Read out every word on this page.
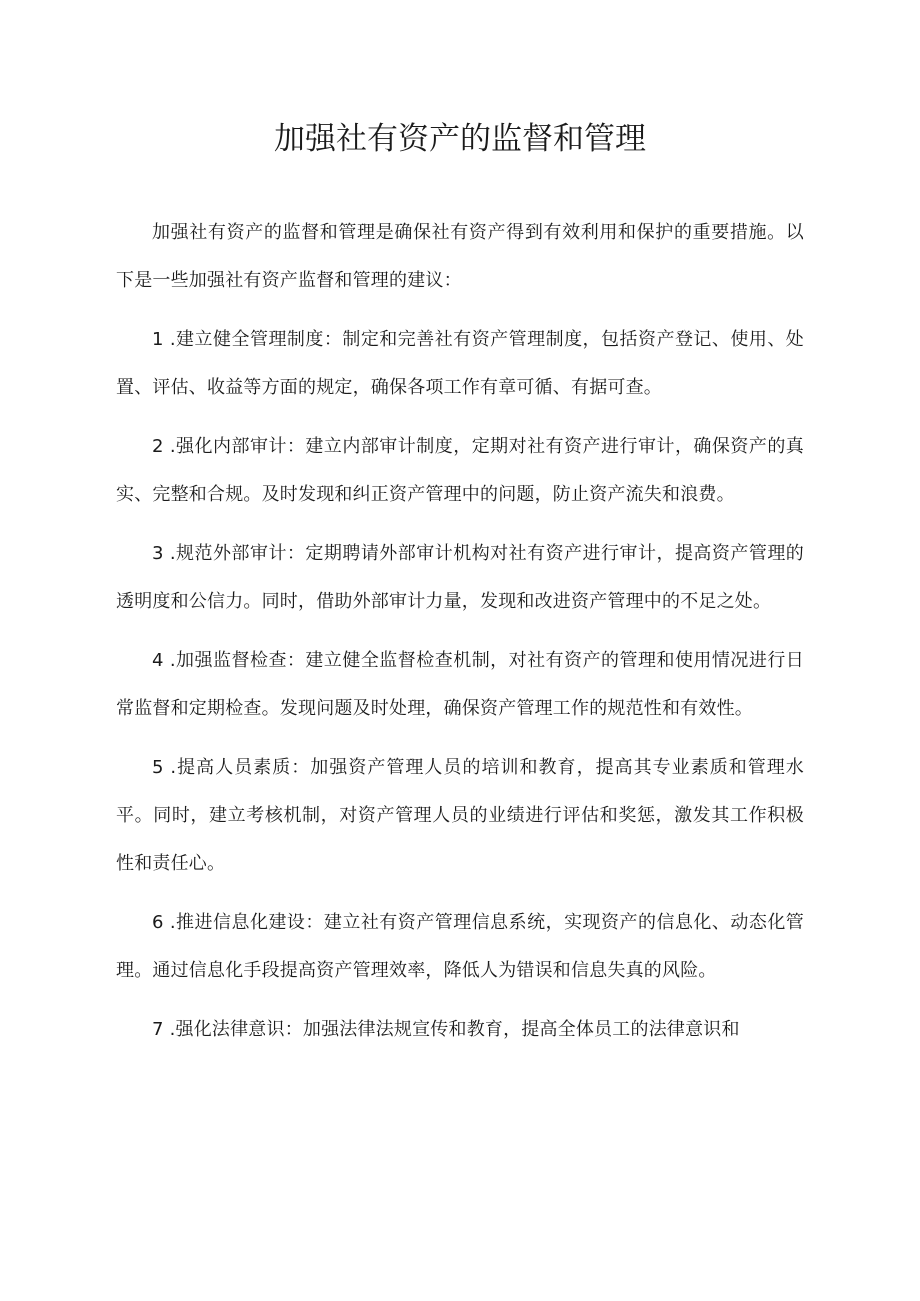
加强社有资产的监督和管理

加强社有资产的监督和管理是确保社有资产得到有效利用和保护的重要措施。以下是一些加强社有资产监督和管理的建议：

1 .建立健全管理制度：制定和完善社有资产管理制度，包括资产登记、使用、处置、评估、收益等方面的规定，确保各项工作有章可循、有据可查。

2 .强化内部审计：建立内部审计制度，定期对社有资产进行审计，确保资产的真实、完整和合规。及时发现和纠正资产管理中的问题，防止资产流失和浪费。

3 .规范外部审计：定期聘请外部审计机构对社有资产进行审计，提高资产管理的透明度和公信力。同时，借助外部审计力量，发现和改进资产管理中的不足之处。

4 .加强监督检查：建立健全监督检查机制，对社有资产的管理和使用情况进行日常监督和定期检查。发现问题及时处理，确保资产管理工作的规范性和有效性。

5 .提高人员素质：加强资产管理人员的培训和教育，提高其专业素质和管理水平。同时，建立考核机制，对资产管理人员的业绩进行评估和奖惩，激发其工作积极性和责任心。

6 .推进信息化建设：建立社有资产管理信息系统，实现资产的信息化、动态化管理。通过信息化手段提高资产管理效率，降低人为错误和信息失真的风险。

7 .强化法律意识：加强法律法规宣传和教育，提高全体员工的法律意识和
